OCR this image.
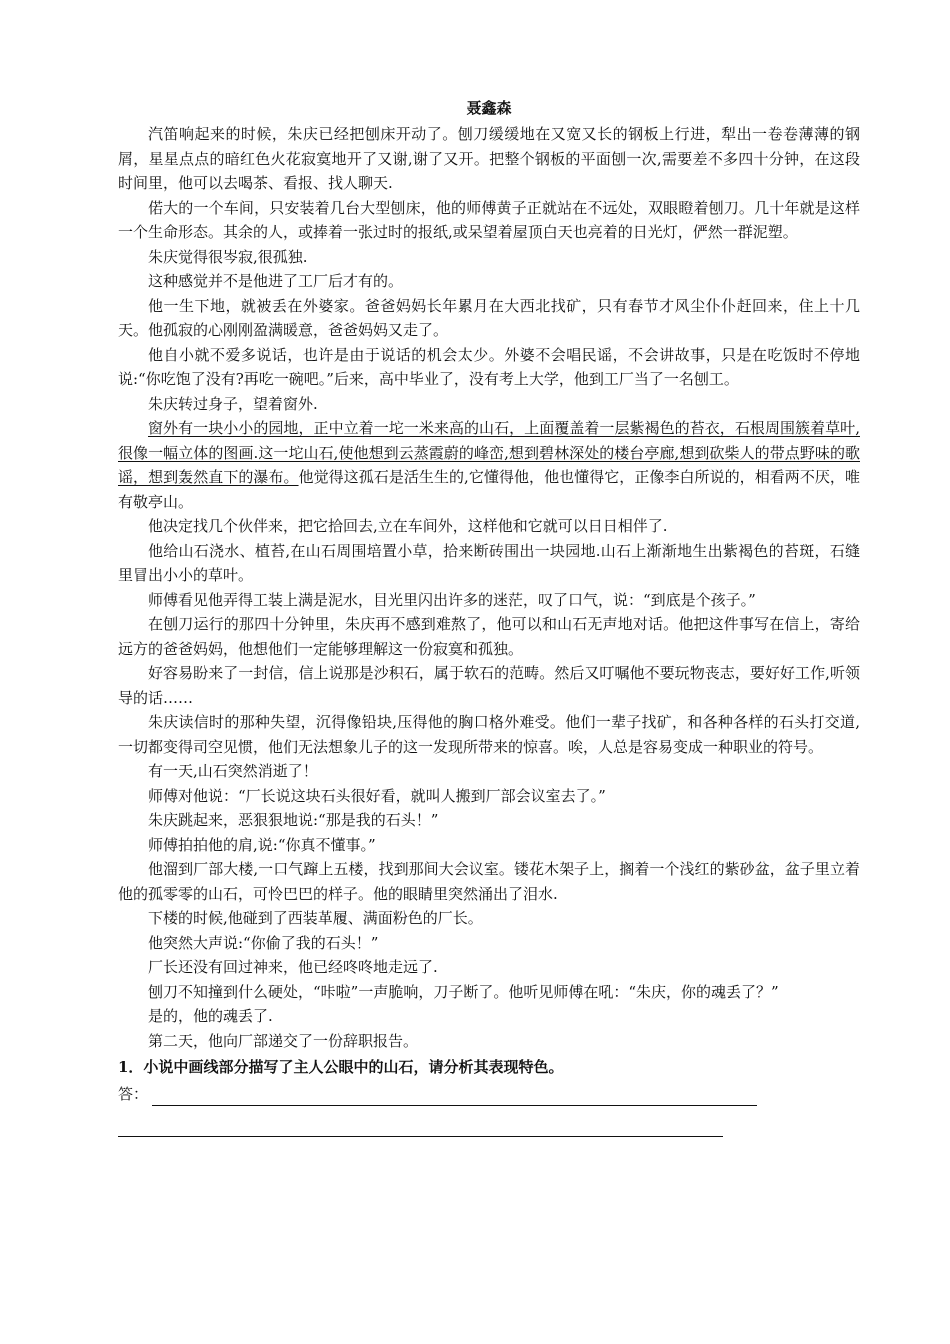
聂鑫森

汽笛响起来的时候，朱庆已经把刨床开动了。刨刀缓缓地在又宽又长的钢板上行进，犁出一卷卷薄薄的钢屑，星星点点的暗红色火花寂寞地开了又谢,谢了又开。把整个钢板的平面刨一次,需要差不多四十分钟，在这段时间里，他可以去喝茶、看报、找人聊天.

偌大的一个车间，只安装着几台大型刨床，他的师傅黄子正就站在不远处，双眼瞪着刨刀。几十年就是这样一个生命形态。其余的人，或捧着一张过时的报纸,或呆望着屋顶白天也亮着的日光灯，俨然一群泥塑。

朱庆觉得很岑寂,很孤独.

这种感觉并不是他进了工厂后才有的。

他一生下地，就被丢在外婆家。爸爸妈妈长年累月在大西北找矿，只有春节才风尘仆仆赶回来，住上十几天。他孤寂的心刚刚盈满暖意，爸爸妈妈又走了。

他自小就不爱多说话，也许是由于说话的机会太少。外婆不会唱民谣，不会讲故事，只是在吃饭时不停地说:“你吃饱了没有?再吃一碗吧。”后来，高中毕业了，没有考上大学，他到工厂当了一名刨工。

朱庆转过身子，望着窗外.

窗外有一块小小的园地，正中立着一坨一米来高的山石，上面覆盖着一层紫褐色的苔衣，石根周围簇着草叶,很像一幅立体的图画.这一坨山石,使他想到云蒸霞蔚的峰峦,想到碧林深处的楼台亭廊,想到砍柴人的带点野味的歌谣，想到轰然直下的瀑布。他觉得这孤石是活生生的,它懂得他，他也懂得它，正像李白所说的，相看两不厌，唯有敬亭山。

他决定找几个伙伴来，把它拾回去,立在车间外，这样他和它就可以日日相伴了.

他给山石浇水、植苔,在山石周围培置小草，拾来断砖围出一块园地.山石上渐渐地生出紫褐色的苔斑，石缝里冒出小小的草叶。

师傅看见他弄得工装上满是泥水，目光里闪出许多的迷茫，叹了口气，说：“到底是个孩子。”

在刨刀运行的那四十分钟里，朱庆再不感到难熬了，他可以和山石无声地对话。他把这件事写在信上，寄给远方的爸爸妈妈，他想他们一定能够理解这一份寂寞和孤独。

好容易盼来了一封信，信上说那是沙积石，属于软石的范畴。然后又叮嘱他不要玩物丧志，要好好工作,听领导的话……

朱庆读信时的那种失望，沉得像铅块,压得他的胸口格外难受。他们一辈子找矿，和各种各样的石头打交道,一切都变得司空见惯，他们无法想象儿子的这一发现所带来的惊喜。唉，人总是容易变成一种职业的符号。

有一天,山石突然消逝了！

师傅对他说：“厂长说这块石头很好看，就叫人搬到厂部会议室去了。”

朱庆跳起来，恶狠狠地说:“那是我的石头！”

师傅拍拍他的肩,说:“你真不懂事。”

他溜到厂部大楼,一口气蹿上五楼，找到那间大会议室。镂花木架子上，搁着一个浅红的紫砂盆，盆子里立着他的孤零零的山石，可怜巴巴的样子。他的眼睛里突然涌出了泪水.

下楼的时候,他碰到了西装革履、满面粉色的厂长。

他突然大声说:“你偷了我的石头！”

厂长还没有回过神来，他已经咚咚地走远了.

刨刀不知撞到什么硬处，“咔啦”一声脆响，刀子断了。他听见师傅在吼：“朱庆，你的魂丢了？”

是的，他的魂丢了.

第二天，他向厂部递交了一份辞职报告。

1．小说中画线部分描写了主人公眼中的山石，请分析其表现特色。

答：
